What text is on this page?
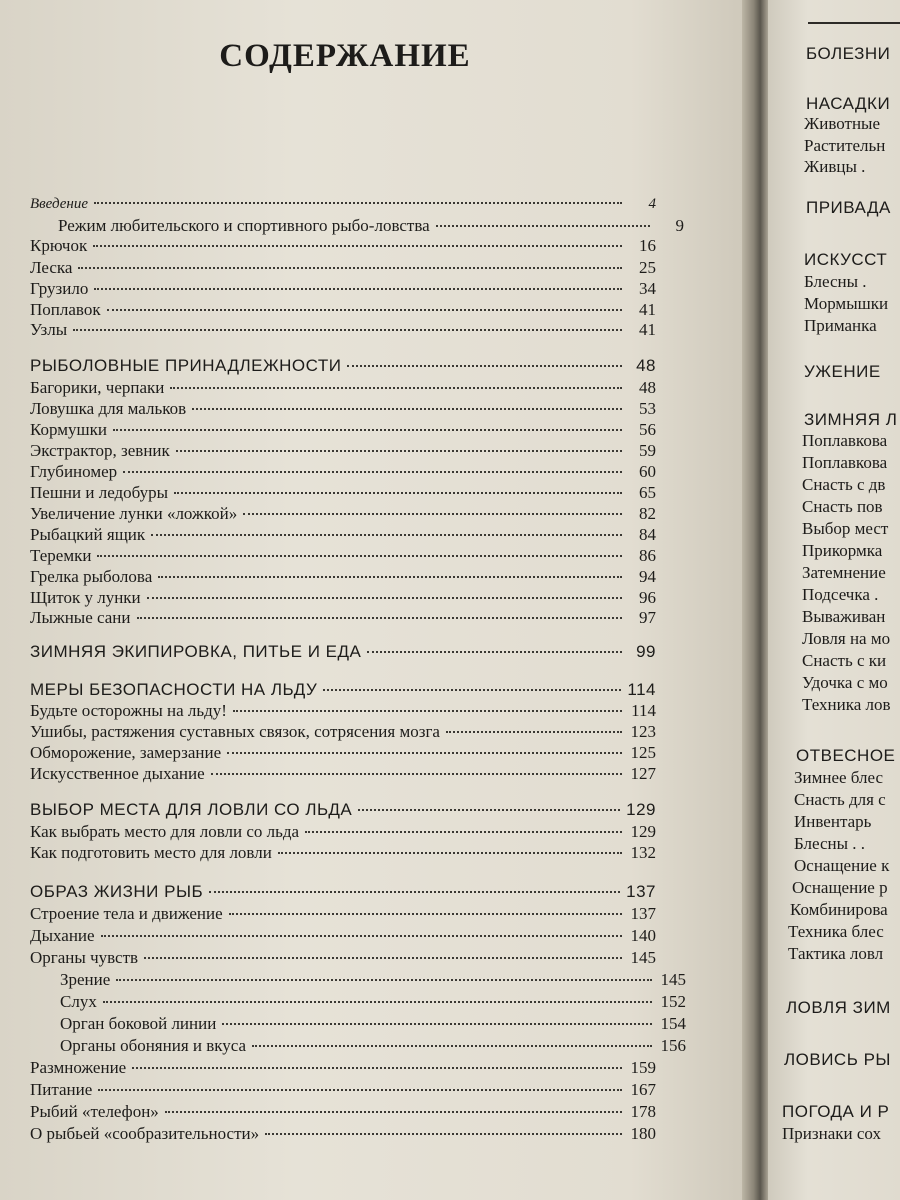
СОДЕРЖАНИЕ
Введение	4
Режим любительского и спортивного рыбо-ловства	9
Крючок	16
Леска	25
Грузило	34
Поплавок	41
Узлы	41
РЫБОЛОВНЫЕ ПРИНАДЛЕЖНОСТИ	48
Багорики, черпаки	48
Ловушка для мальков	53
Кормушки	56
Экстрактор, зевник	59
Глубиномер	60
Пешни и ледобуры	65
Увеличение лунки «ложкой»	82
Рыбацкий ящик	84
Теремки	86
Грелка рыболова	94
Щиток у лунки	96
Лыжные сани	97
ЗИМНЯЯ ЭКИПИРОВКА, ПИТЬЕ И ЕДА	99
МЕРЫ БЕЗОПАСНОСТИ НА ЛЬДУ	114
Будьте осторожны на льду!	114
Ушибы, растяжения суставных связок, сотрясения мозга	123
Обморожение, замерзание	125
Искусственное дыхание	127
ВЫБОР МЕСТА ДЛЯ ЛОВЛИ СО ЛЬДА	129
Как выбрать место для ловли со льда	129
Как подготовить место для ловли	132
ОБРАЗ ЖИЗНИ РЫБ	137
Строение тела и движение	137
Дыхание	140
Органы чувств	145
Зрение	145
Слух	152
Орган боковой линии	154
Органы обоняния и вкуса	156
Размножение	159
Питание	167
Рыбий «телефон»	178
О рыбьей «сообразительности»	180
БОЛЕЗНИ
НАСАДКИ
Животные
Растительн
Живцы .
ПРИВАДА
ИСКУССТ
Блесны .
Мормышки
Приманка
УЖЕНИЕ
ЗИМНЯЯ Л
Поплавкова
Поплавкова
Снасть с дв
Снасть пов
Выбор мест
Прикормка
Затемнение
Подсечка .
Вываживан
Ловля на мо
Снасть с ки
Удочка с мо
Техника лов
ОТВЕСНОЕ
Зимнее блес
Снасть для с
Инвентарь
Блесны . .
Оснащение к
Оснащение р
Комбинирова
Техника блес
Тактика ловл
ЛОВЛЯ ЗИМ
ЛОВИСЬ РЫ
ПОГОДА И Р
Признаки сох
